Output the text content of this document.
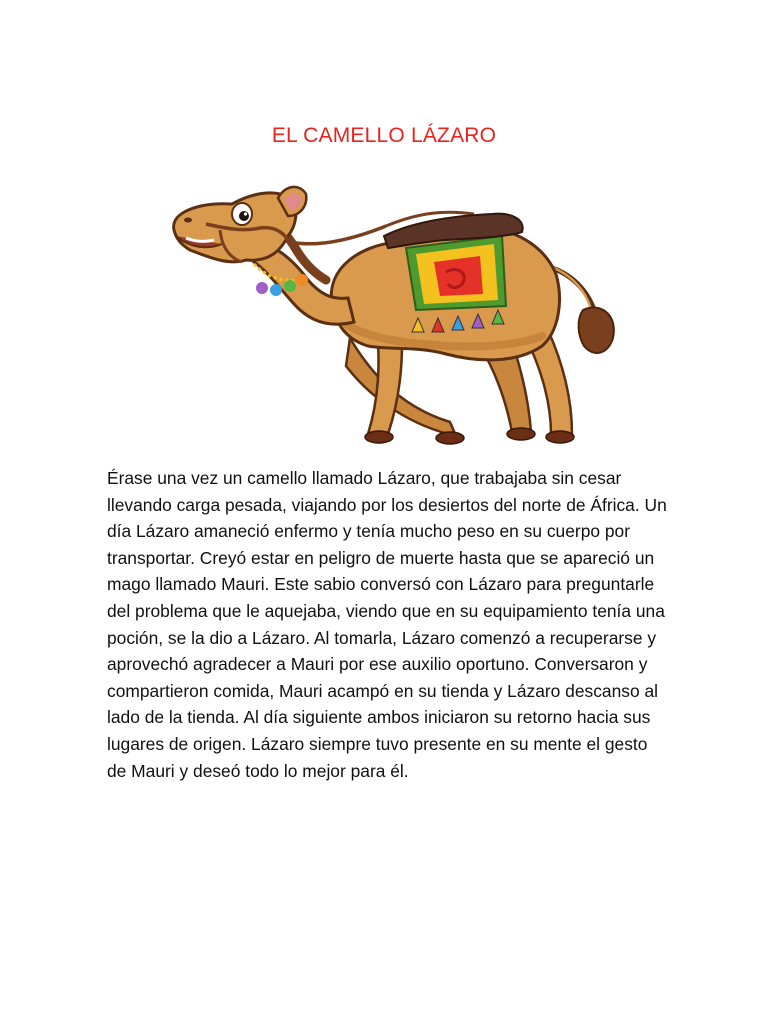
EL CAMELLO LÁZARO

Érase una vez un camello llamado Lázaro, que trabajaba sin cesar llevando carga pesada, viajando por los desiertos del norte de África. Un día Lázaro amaneció enfermo y tenía mucho peso en su cuerpo por transportar. Creyó estar en peligro de muerte hasta que se apareció un mago llamado Mauri. Este sabio conversó con Lázaro para preguntarle del problema que le aquejaba, viendo que en su equipamiento tenía una poción, se la dio a Lázaro. Al tomarla, Lázaro comenzó a recuperarse y aprovechó agradecer a Mauri por ese auxilio oportuno. Conversaron y compartieron comida, Mauri acampó en su tienda y Lázaro descanso al lado de la tienda. Al día siguiente ambos iniciaron su retorno hacia sus lugares de origen. Lázaro siempre tuvo presente en su mente el gesto de Mauri y deseó todo lo mejor para él.
